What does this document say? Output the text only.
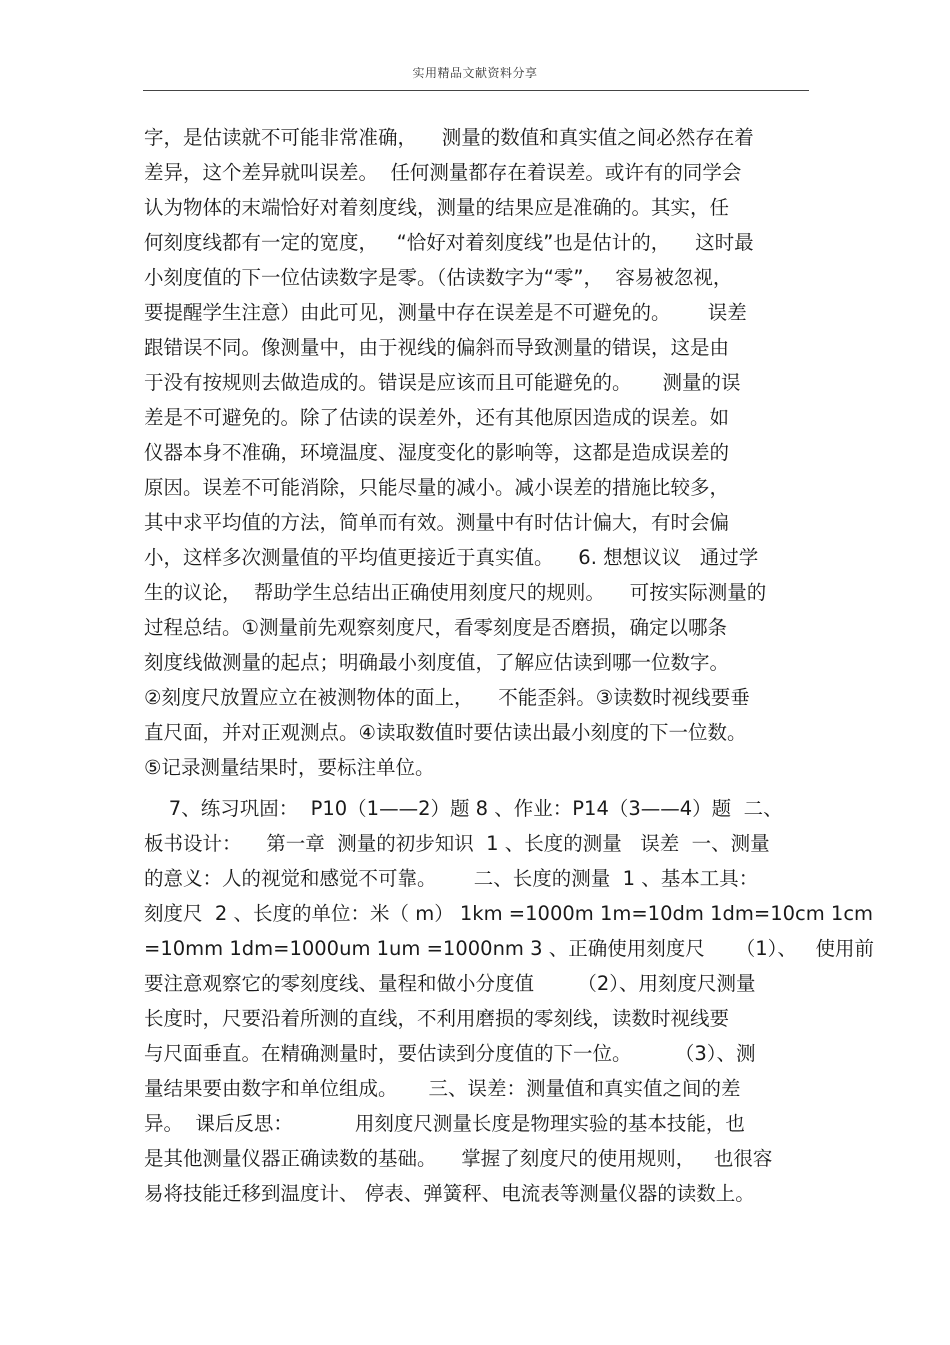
实用精品文献资料分享
字，是估读就不可能非常准确，    测量的数值和真实值之间必然存在着
差异，这个差异就叫误差。  任何测量都存在着误差。或许有的同学会
认为物体的末端恰好对着刻度线，测量的结果应是准确的。其实，任
何刻度线都有一定的宽度，   “恰好对着刻度线”也是估计的，    这时最
小刻度值的下一位估读数字是零。（估读数字为“零”，  容易被忽视，
要提醒学生注意）由此可见，测量中存在误差是不可避免的。      误差
跟错误不同。像测量中，由于视线的偏斜而导致测量的错误，这是由
于没有按规则去做造成的。错误是应该而且可能避免的。     测量的误
差是不可避免的。除了估读的误差外，还有其他原因造成的误差。如
仪器本身不准确，环境温度、湿度变化的影响等，这都是造成误差的
原因。误差不可能消除，只能尽量的减小。减小误差的措施比较多，
其中求平均值的方法，简单而有效。测量中有时估计偏大，有时会偏
小，这样多次测量值的平均值更接近于真实值。    6. 想想议议   通过学
生的议论，  帮助学生总结出正确使用刻度尺的规则。    可按实际测量的
过程总结。①测量前先观察刻度尺，看零刻度是否磨损，确定以哪条
刻度线做测量的起点；明确最小刻度值，了解应估读到哪一位数字。
②刻度尺放置应立在被测物体的面上，    不能歪斜。③读数时视线要垂
直尺面，并对正观测点。④读取数值时要估读出最小刻度的下一位数。
⑤记录测量结果时，要标注单位。
7、练习巩固：  P10（1——2）题 8 、作业：P14（3——4）题  二、
板书设计：    第一章  测量的初步知识  1 、长度的测量   误差  一、测量
的意义：人的视觉和感觉不可靠。      二、长度的测量  1 、基本工具：
刻度尺  2 、长度的单位：米（ m） 1km =1000m 1m=10dm 1dm=10cm 1cm
=10mm 1dm=1000um 1um =1000nm 3 、正确使用刻度尺     （1）、   使用前
要注意观察它的零刻度线、量程和做小分度值       （2）、用刻度尺测量
长度时，尺要沿着所测的直线，不利用磨损的零刻线，读数时视线要
与尺面垂直。在精确测量时，要估读到分度值的下一位。       （3）、测
量结果要由数字和单位组成。     三、误差：测量值和真实值之间的差
异。  课后反思：          用刻度尺测量长度是物理实验的基本技能，也
是其他测量仪器正确读数的基础。    掌握了刻度尺的使用规则，   也很容
易将技能迁移到温度计、 停表、弹簧秤、电流表等测量仪器的读数上。
